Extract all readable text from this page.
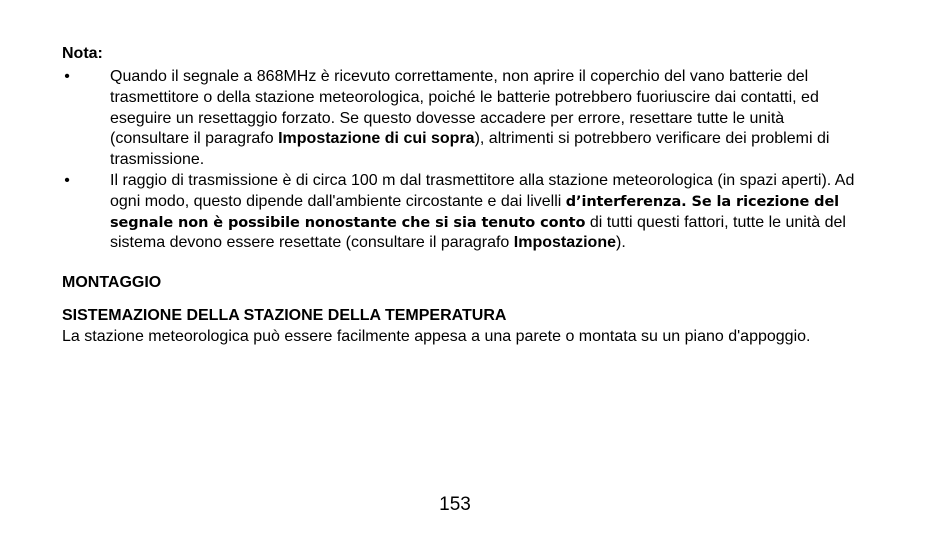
Nota:
•	Quando il segnale a 868MHz è ricevuto correttamente, non aprire il coperchio del vano batterie del trasmettitore o della stazione meteorologica, poiché le batterie potrebbero fuoriuscire dai contatti, ed eseguire un resettaggio forzato. Se questo dovesse accadere per errore, resettare tutte le unità (consultare il paragrafo Impostazione di cui sopra), altrimenti si potrebbero verificare dei problemi di trasmissione.
•	Il raggio di trasmissione è di circa 100 m dal trasmettitore alla stazione meteorologica (in spazi aperti). Ad ogni modo, questo dipende dall'ambiente circostante e dai livelli d’interferenza. Se la ricezione del segnale non è possibile nonostante che si sia tenuto conto di tutti questi fattori, tutte le unità del sistema devono essere resettate (consultare il paragrafo Impostazione).
MONTAGGIO
SISTEMAZIONE DELLA STAZIONE DELLA TEMPERATURA
La stazione meteorologica può essere facilmente appesa a una parete o montata su un piano d'appoggio.
153
